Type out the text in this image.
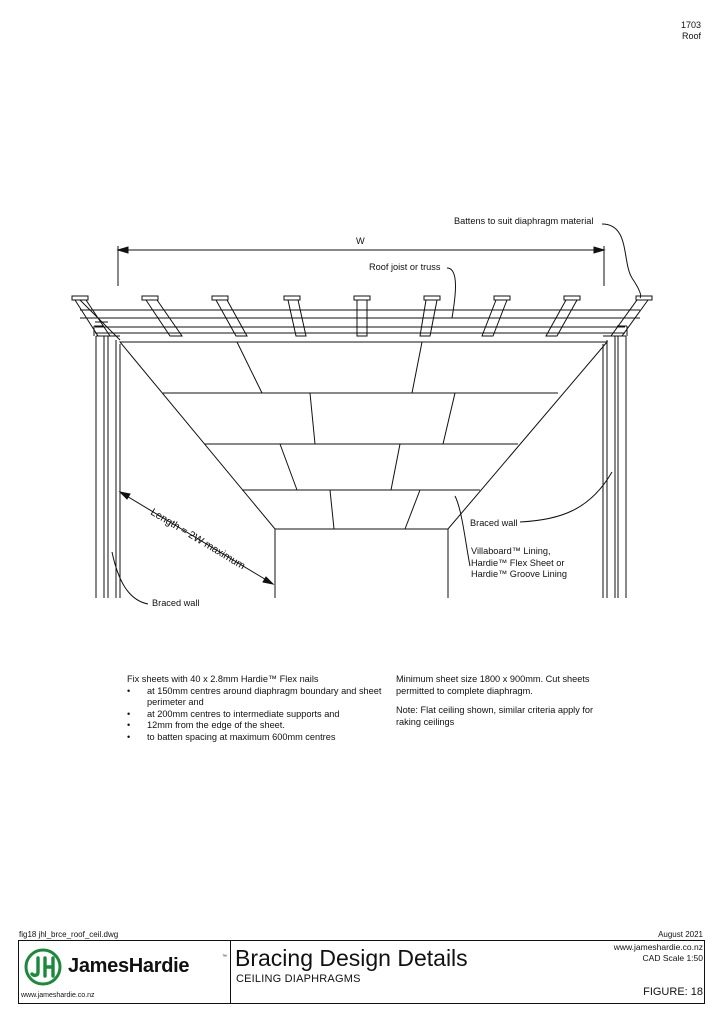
1703
Roof
Battens to suit diaphragm material
W
Roof joist or truss
Length = 2W maximum	Braced wall
Villaboard™ Lining,
Hardie™ Flex Sheet or
Hardie™ Groove Lining
Braced wall
Fix sheets with 40 x 2.8mm Hardie™ Flex nails
• at 150mm centres around diaphragm boundary and sheet perimeter and
• at 200mm centres to intermediate supports and
• 12mm from the edge of the sheet.
• to batten spacing at maximum 600mm centres
Minimum sheet size 1800 x 900mm. Cut sheets permitted to complete diaphragm.
Note: Flat ceiling shown, similar criteria apply for raking ceilings
fig18 jhl_brce_roof_ceil.dwg	August 2021
JamesHardie	™
www.jameshardie.co.nz
Bracing Design Details
CEILING DIAPHRAGMS
www.jameshardie.co.nz
CAD Scale 1:50
FIGURE: 18
